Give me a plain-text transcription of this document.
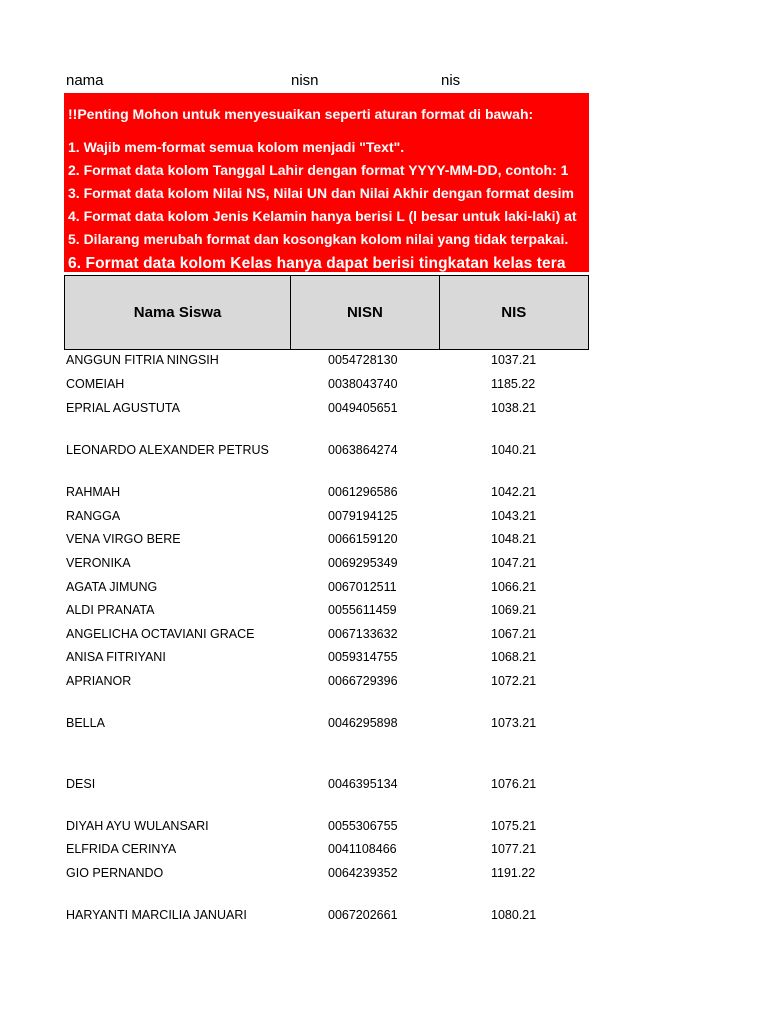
nama	nisn	nis
!!Penting Mohon untuk menyesuaikan seperti aturan format di bawah:
1. Wajib mem-format semua kolom menjadi "Text".
2. Format data kolom Tanggal Lahir dengan format YYYY-MM-DD, contoh: 1
3. Format data kolom Nilai NS, Nilai UN dan Nilai Akhir dengan format desim
4. Format data kolom Jenis Kelamin hanya berisi L (l besar untuk laki-laki) at
5. Dilarang merubah format dan kosongkan kolom nilai yang tidak terpakai.
6. Format data kolom Kelas hanya dapat berisi tingkatan kelas tera
Nama Siswa	NISN	NIS
ANGGUN FITRIA NINGSIH	0054728130	1037.21
COMEIAH	0038043740	1185.22
EPRIAL AGUSTUTA	0049405651	1038.21
LEONARDO ALEXANDER PETRUS	0063864274	1040.21
RAHMAH	0061296586	1042.21
RANGGA	0079194125	1043.21
VENA VIRGO BERE	0066159120	1048.21
VERONIKA	0069295349	1047.21
AGATA JIMUNG	0067012511	1066.21
ALDI PRANATA	0055611459	1069.21
ANGELICHA OCTAVIANI GRACE	0067133632	1067.21
ANISA FITRIYANI	0059314755	1068.21
APRIANOR	0066729396	1072.21
BELLA	0046295898	1073.21
DESI	0046395134	1076.21
DIYAH AYU WULANSARI	0055306755	1075.21
ELFRIDA CERINYA	0041108466	1077.21
GIO PERNANDO	0064239352	1191.22
HARYANTI MARCILIA JANUARI	0067202661	1080.21
